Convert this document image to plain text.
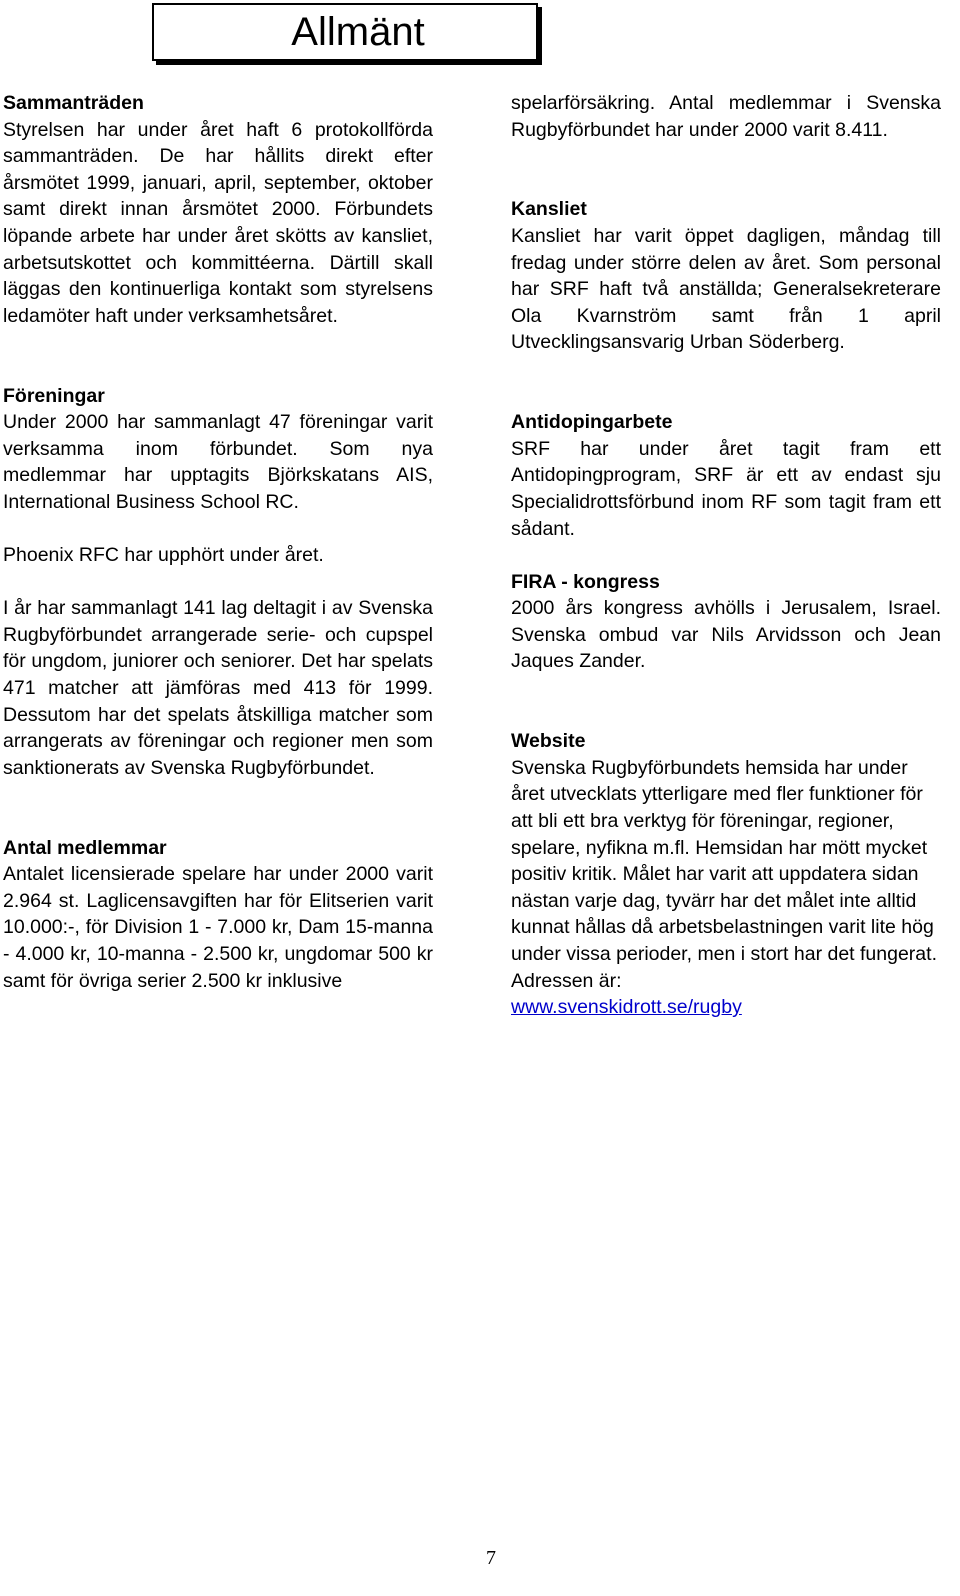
Allmänt
Sammanträden

Styrelsen har under året haft 6 protokollförda sammanträden. De har hållits direkt efter årsmötet 1999, januari, april, september, oktober samt direkt innan årsmötet 2000. Förbundets löpande arbete har under året skötts av kansliet, arbetsutskottet och kommittéerna. Därtill skall läggas den kontinuerliga kontakt som styrelsens ledamöter haft under verksamhetsåret.

Föreningar

Under 2000 har sammanlagt 47 föreningar varit verksamma inom förbundet. Som nya medlemmar har upptagits Björkskatans AIS, International Business School RC.

Phoenix RFC har upphört under året.

I år har sammanlagt 141 lag deltagit i av Svenska Rugbyförbundet arrangerade serie- och cupspel för ungdom, juniorer och seniorer. Det har spelats 471 matcher att jämföras med 413 för 1999. Dessutom har det spelats åtskilliga matcher som arrangerats av föreningar och regioner men som sanktionerats av Svenska Rugbyförbundet.

Antal medlemmar

Antalet licensierade spelare har under 2000 varit 2.964 st. Laglicensavgiften har för Elitserien varit 10.000:-, för Division 1 - 7.000 kr, Dam 15-manna - 4.000 kr, 10-manna - 2.500 kr, ungdomar 500 kr samt för övriga serier 2.500 kr inklusive

spelarförsäkring. Antal medlemmar i Svenska Rugbyförbundet har under 2000 varit 8.411.

Kansliet

Kansliet har varit öppet dagligen, måndag till fredag under större delen av året. Som personal har SRF haft två anställda; Generalsekreterare Ola Kvarnström samt från 1 april Utvecklingsansvarig Urban Söderberg.

Antidopingarbete

SRF har under året tagit fram ett Antidopingprogram, SRF är ett av endast sju Specialidrottsförbund inom RF som tagit fram ett sådant.

FIRA - kongress

2000 års kongress avhölls i Jerusalem, Israel. Svenska ombud var Nils Arvidsson och Jean Jaques Zander.

Website

Svenska Rugbyförbundets hemsida har under året utvecklats ytterligare med fler funktioner för att bli ett bra verktyg för föreningar, regioner, spelare, nyfikna m.fl. Hemsidan har mött mycket positiv kritik. Målet har varit att uppdatera sidan nästan varje dag, tyvärr har det målet inte alltid kunnat hållas då arbetsbelastningen varit lite hög under vissa perioder, men i stort har det fungerat. Adressen är:

www.svenskidrott.se/rugby
7
